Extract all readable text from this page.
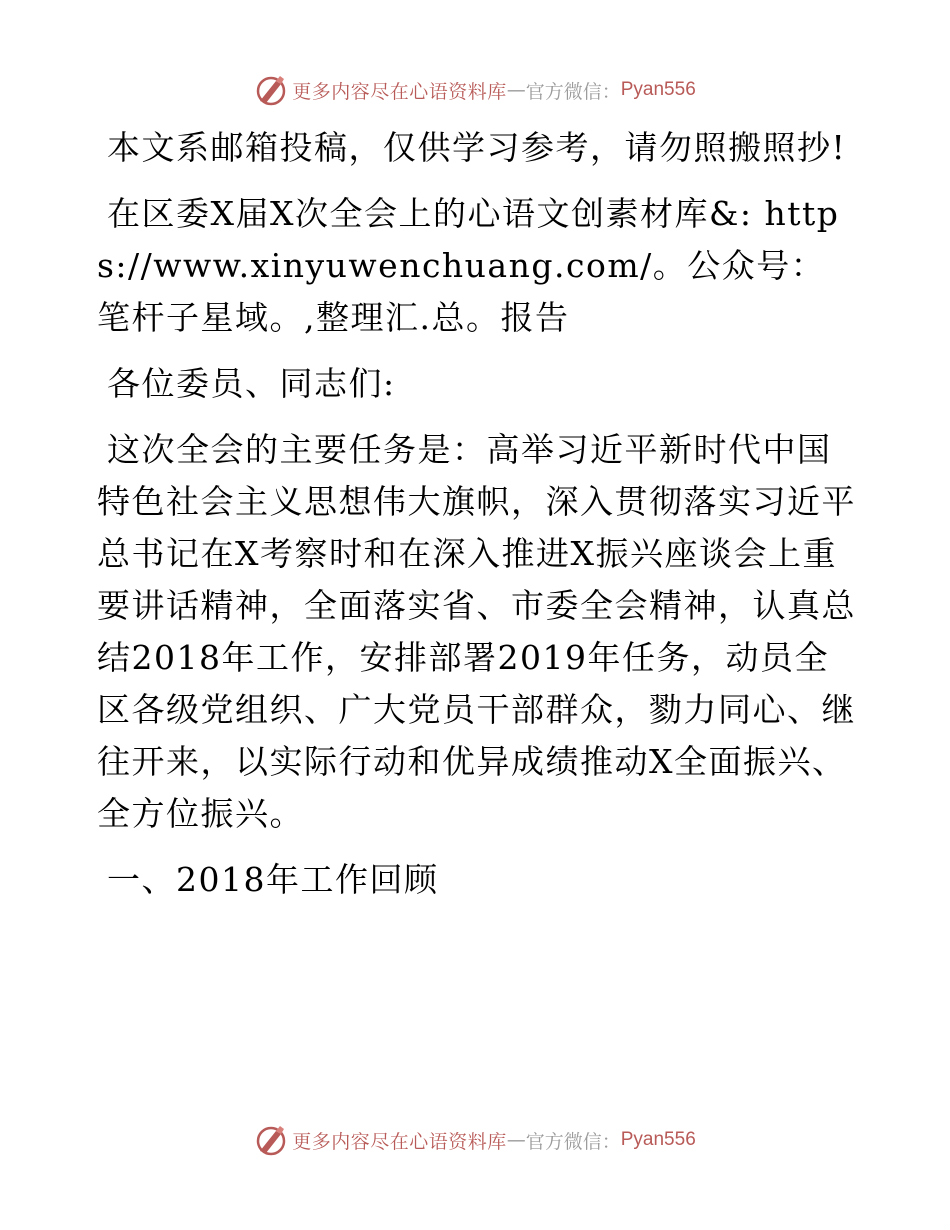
更多内容尽在心语资料库 — 官方微信： Pyan556

本文系邮箱投稿，仅供学习参考，请勿照搬照抄!

在区委X届X次全会上的心语文创素材库&: https://www.xinyuwenchuang.com/。公众号：笔杆子星域。,整理汇.总。报告

各位委员、同志们:

这次全会的主要任务是：高举习近平新时代中国特色社会主义思想伟大旗帜，深入贯彻落实习近平总书记在X考察时和在深入推进X振兴座谈会上重要讲话精神，全面落实省、市委全会精神，认真总结2018年工作，安排部署2019年任务，动员全区各级党组织、广大党员干部群众，勠力同心、继往开来，以实际行动和优异成绩推动X全面振兴、全方位振兴。

一、2018年工作回顾

更多内容尽在心语资料库 — 官方微信： Pyan556
